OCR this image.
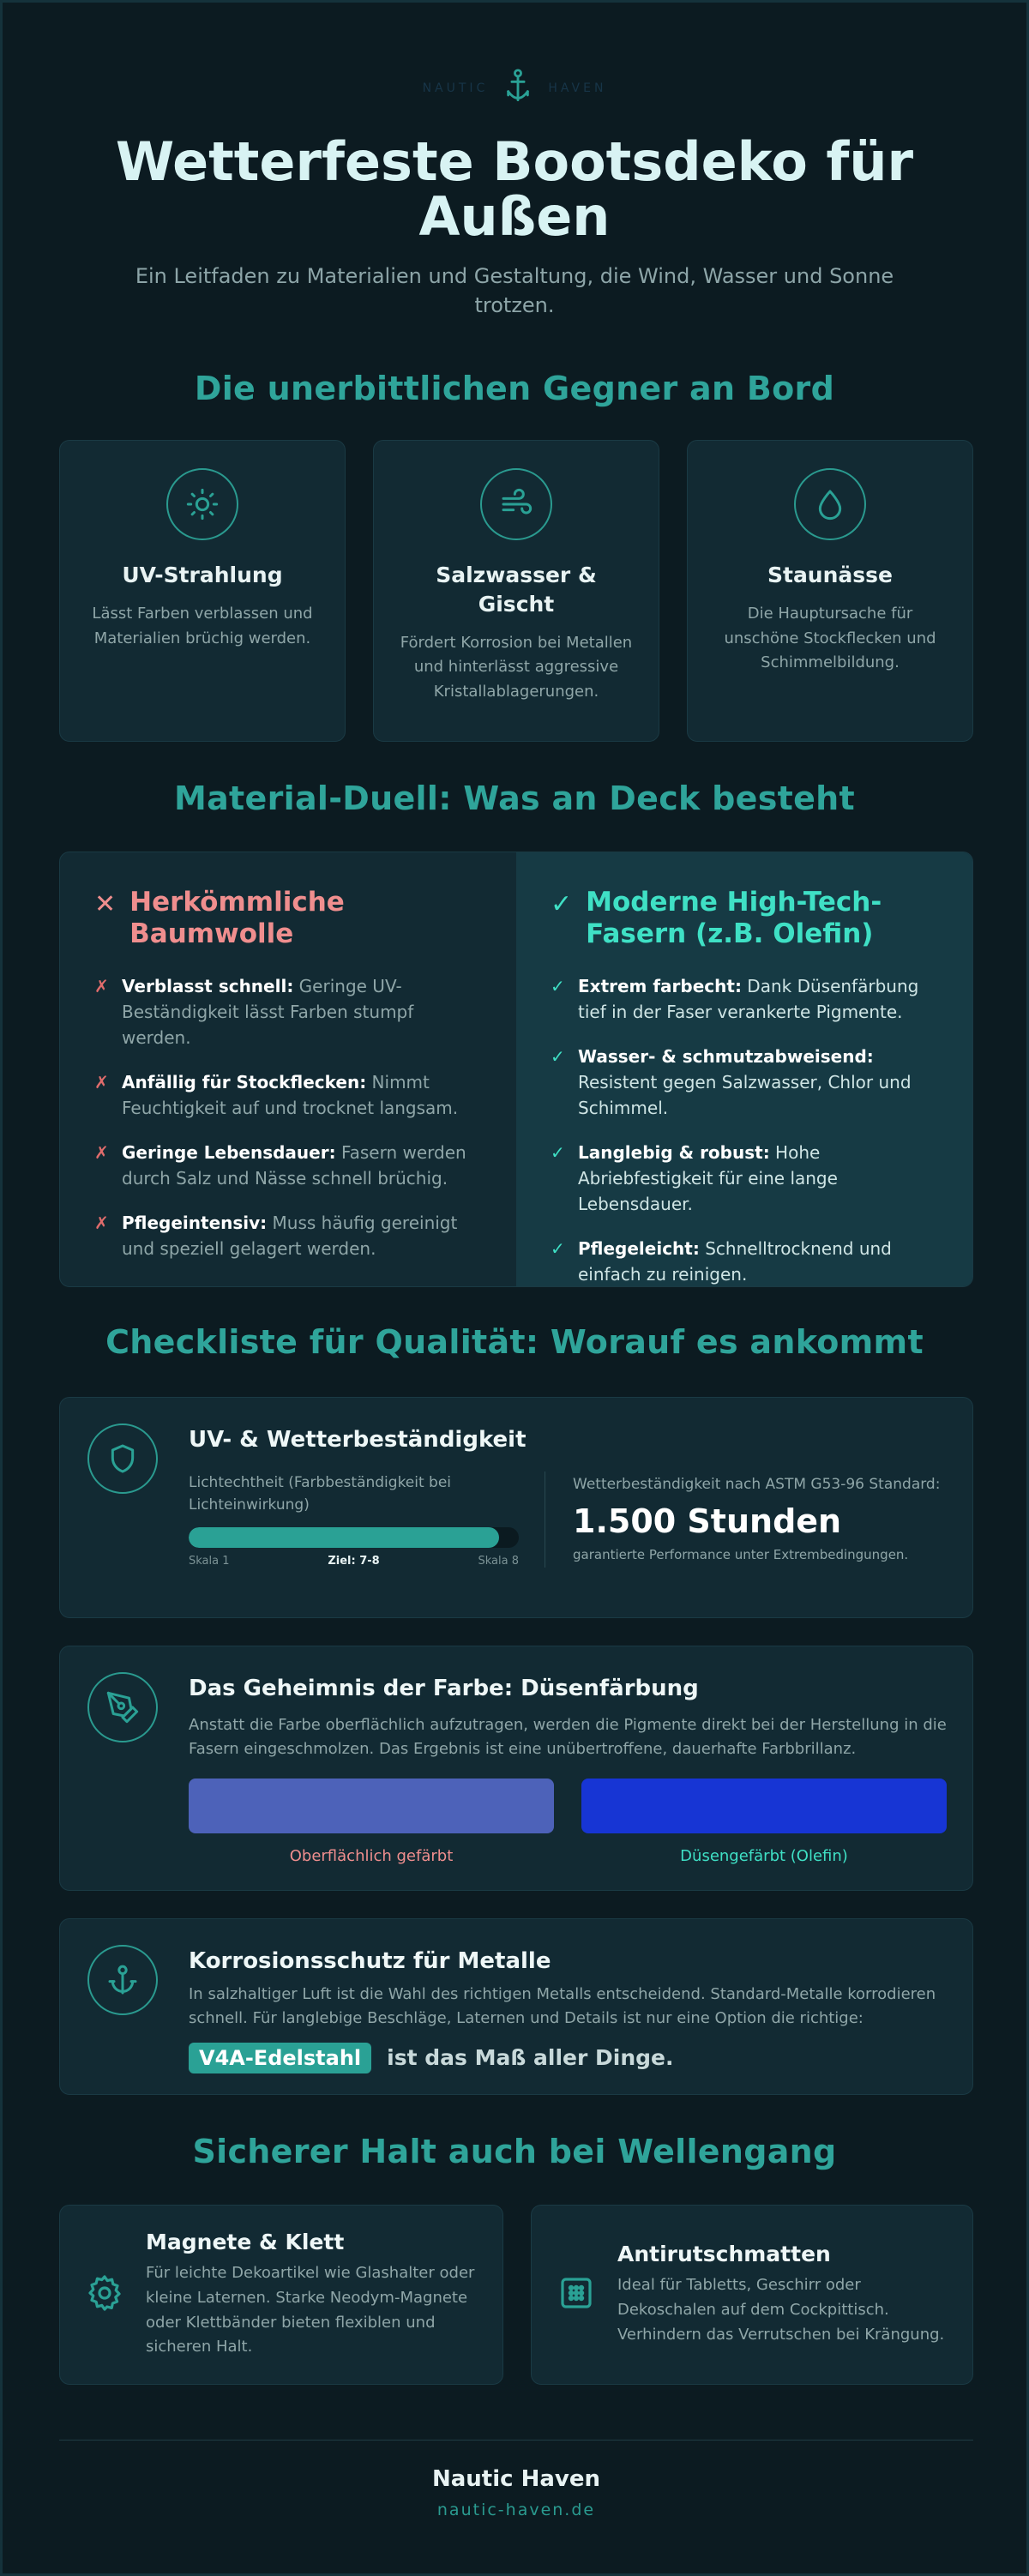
NAUTIC	HAVEN
Wetterfeste Bootsdeko für Außen

Ein Leitfaden zu Materialien und Gestaltung, die Wind, Wasser und Sonne trotzen.

Die unerbittlichen Gegner an Bord
UV-Strahlung

Lässt Farben verblassen und Materialien brüchig werden.

Salzwasser & Gischt

Fördert Korrosion bei Metallen und hinterlässt aggressive Kristallablagerungen.

Staunässe

Die Hauptursache für unschöne Stockflecken und Schimmelbildung.

Material-Duell: Was an Deck besteht
✕ Herkömmliche Baumwolle
✗ Verblasst schnell: Geringe UV-Beständigkeit lässt Farben stumpf werden.
✗ Anfällig für Stockflecken: Nimmt Feuchtigkeit auf und trocknet langsam.
✗ Geringe Lebensdauer: Fasern werden durch Salz und Nässe schnell brüchig.
✗ Pflegeintensiv: Muss häufig gereinigt und speziell gelagert werden.
✓ Moderne High-Tech-Fasern (z.B. Olefin)
✓ Extrem farbecht: Dank Düsenfärbung tief in der Faser verankerte Pigmente.
✓ Wasser- & schmutzabweisend: Resistent gegen Salzwasser, Chlor und Schimmel.
✓ Langlebig & robust: Hohe Abriebfestigkeit für eine lange Lebensdauer.
✓ Pflegeleicht: Schnelltrocknend und einfach zu reinigen.
Checkliste für Qualität: Worauf es ankommt
UV- & Wetterbeständigkeit
Lichtechtheit (Farbbeständigkeit bei Lichteinwirkung)
Skala 1	Ziel: 7-8	Skala 8
Wetterbeständigkeit nach ASTM G53-96 Standard:
1.500 Stunden
garantierte Performance unter Extrembedingungen.
Das Geheimnis der Farbe: Düsenfärbung

Anstatt die Farbe oberflächlich aufzutragen, werden die Pigmente direkt bei der Herstellung in die Fasern eingeschmolzen. Das Ergebnis ist eine unübertroffene, dauerhafte Farbbrillanz.

Oberflächlich gefärbt	Düsengefärbt (Olefin)
Korrosionsschutz für Metalle

In salzhaltiger Luft ist die Wahl des richtigen Metalls entscheidend. Standard-Metalle korrodieren schnell. Für langlebige Beschläge, Laternen und Details ist nur eine Option die richtige:

V4A-Edelstahl	ist das Maß aller Dinge.
Sicherer Halt auch bei Wellengang
Magnete & Klett

Für leichte Dekoartikel wie Glashalter oder kleine Laternen. Starke Neodym-Magnete oder Klettbänder bieten flexiblen und sicheren Halt.

Antirutschmatten

Ideal für Tabletts, Geschirr oder Dekoschalen auf dem Cockpittisch. Verhindern das Verrutschen bei Krängung.

Nautic Haven
nautic-haven.de
